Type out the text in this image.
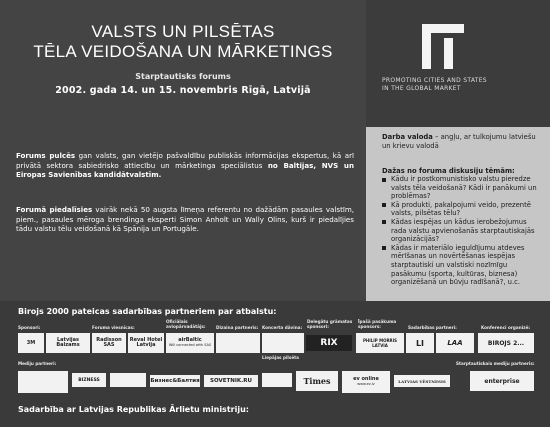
VALSTS UN PILSĒTAS
TĒLA VEIDOŠANA UN MĀRKETINGS
Starptautisks forums
2002. gada 14. un 15. novembris Rīgā, Latvijā
PROMOTING CITIES AND STATES
IN THE GLOBAL MARKET

Forums pulcēs gan valsts, gan vietējo pašvaldību publiskās informācijas ekspertus, kā arī privātā sektora sabiedrisko attiecību un mārketinga speciālistus no Baltijas, NVS un Eiropas Savienības kandidātvalstīm.

Forumā piedalīsies vairāk nekā 50 augsta līmeņa referentu no dažādām pasaules valstīm, piem., pasaules mēroga brendinga eksperti Simon Anholt un Wally Olins, kurš ir piedalījies tādu valstu tēlu veidošanā kā Spānija un Portugāle.

Darba valoda – angļu, ar tulkojumu latviešu un krievu valodā
Dažas no foruma diskusiju tēmām:
Kādu ir postkomunistisko valstu pieredze valsts tēla veidošanā? Kādi ir panākumi un problēmas?
Kā produkti, pakalpojumi veido, prezentē valsts, pilsētas tēlu?
Kādas iespējas un kādus ierobežojumus rada valstu apvienošanās starptautiskajās organizācijās?
Kādas ir materiālo ieguldījumu atdeves mērīšanas un novērtēšanas iespējas starptautiski un valstiski nozīmīgu pasākumu (sporta, kultūras, biznesa) organizēšanā un būvju radīšanā?, u.c.
Birojs 2000 pateicas sadarbības partneriem par atbalstu:
Sponsori:	Foruma viesnīcas:
Oficiālais
aviopārvadātājs: Dizaina partneris: Koncerta dāvina:
Delegātu grāmatas
sponsori:
Īpašā pasākuma
sponsors:	Sadarbības partneri:	Konferenci organizē:
3M	Latvijas Balzams
Radisson SAS
Reval Hotel Latvija
airBaltic
Will connected with SAS	RIX	PHILIP MORRIS LATVIA	LI	LAA	BIROJS 2...
Liepājas pilsēta
Mediju partneri:	Starptautiskais mediju partneris:
BIZNESS	Бизнес&Балтия	SOVETNIK.RU	Times	ev online
www.ev.lv
LATVIAS VĒSTNESIS	enterprise
Sadarbība ar Latvijas Republikas Ārlietu ministriju:
